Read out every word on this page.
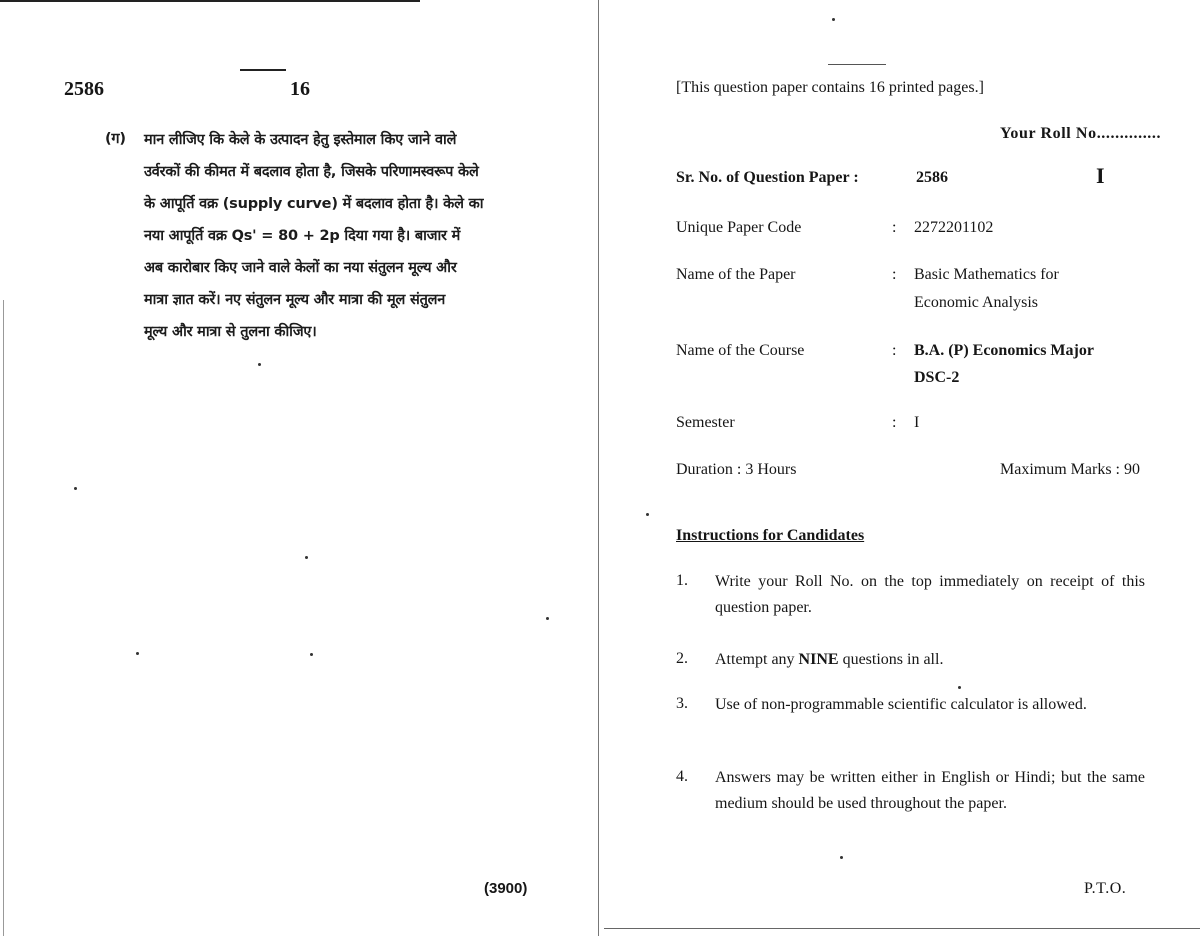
2586	16
(ग) मान लीजिए कि केले के उत्पादन हेतु इस्तेमाल किए जाने वाले
उर्वरकों की कीमत में बदलाव होता है, जिसके परिणामस्वरूप केले
के आपूर्ति वक्र (supply curve) में बदलाव होता है। केले का
नया आपूर्ति वक्र Qs' = 80 + 2p दिया गया है। बाजार में
अब कारोबार किए जाने वाले केलों का नया संतुलन मूल्य और
मात्रा ज्ञात करें। नए संतुलन मूल्य और मात्रा की मूल संतुलन
मूल्य और मात्रा से तुलना कीजिए।
(3900)
[This question paper contains 16 printed pages.]
Your Roll No..............
Sr. No. of Question Paper :	2586	I
Unique Paper Code	: 2272201102
Name of the Paper	: Basic Mathematics for
Economic Analysis
Name of the Course	: B.A. (P) Economics Major
DSC-2
Semester	: I
Duration : 3 Hours	Maximum Marks : 90
Instructions for Candidates
1. Write your Roll No. on the top immediately on receipt of this question paper.
2. Attempt any NINE questions in all.
3. Use of non-programmable scientific calculator is allowed.
4. Answers may be written either in English or Hindi; but the same medium should be used throughout the paper.
P.T.O.
